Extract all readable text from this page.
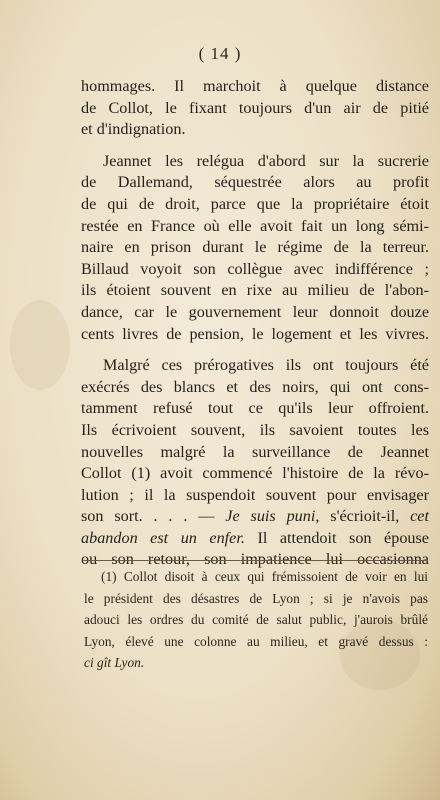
( 14 )
hommages. Il marchoit à quelque distance
de Collot, le fixant toujours d'un air de pitié
et d'indignation.
Jeannet les reléguа d'abord sur la sucrerie
de Dallemand, séquestrée alors au profit
de qui de droit, parce que la propriétaire étoit
restée en France où elle avoit fait un long sémi-
naire en prison durant le régime de la terreur.
Billaud voyoit son collègue avec indifférence ;
ils étoient souvent en rixe au milieu de l'abon-
dance, car le gouvernement leur donnoit douze
cents livres de pension, le logement et les vivres.
Malgré ces prérogatives ils ont toujours été
exécrés des blancs et des noirs, qui ont cons-
tamment refusé tout ce qu'ils leur offroient.
Ils écrivoient souvent, ils savoient toutes les
nouvelles malgré la surveillance de Jeannet
Collot (1) avoit commencé l'histoire de la révo-
lution ; il la suspendoit souvent pour envisager
son sort. . . . — Je suis puni, s'écrioit-il, cet
abandon est un enfer. Il attendoit son épouse
ou son retour, son impatience lui occasionna
(1) Collot disoit à ceux qui frémissoient de voir en lui
le président des désastres de Lyon ; si je n'avois pas
adouci les ordres du comité de salut public, j'aurois brûlé
Lyon, élevé une colonne au milieu, et gravé dessus :
ci gît Lyon.
